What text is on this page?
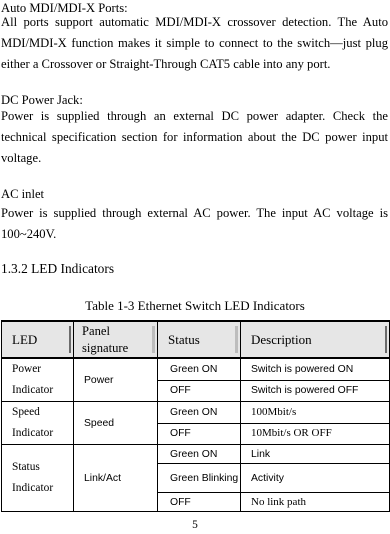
Auto MDI/MDI-X Ports:
All ports support automatic MDI/MDI-X crossover detection. The Auto MDI/MDI-X function makes it simple to connect to the switch—just plug either a Crossover or Straight-Through CAT5 cable into any port.
DC Power Jack:
Power is supplied through an external DC power adapter. Check the technical specification section for information about the DC power input voltage.
AC inlet
Power is supplied through external AC power. The input AC voltage is 100~240V.
1.3.2 LED Indicators
Table 1-3 Ethernet Switch LED Indicators
LED	Panel signature	Status	Description

Power Indicator	Power	Green ON	Switch is powered ON
		OFF	Switch is powered OFF
Speed Indicator	Speed	Green ON	100Mbit/s
		OFF	10Mbit/s OR OFF
Status Indicator	Link/Act	Green ON	Link
		Green Blinking	Activity
		OFF	No link path
5
